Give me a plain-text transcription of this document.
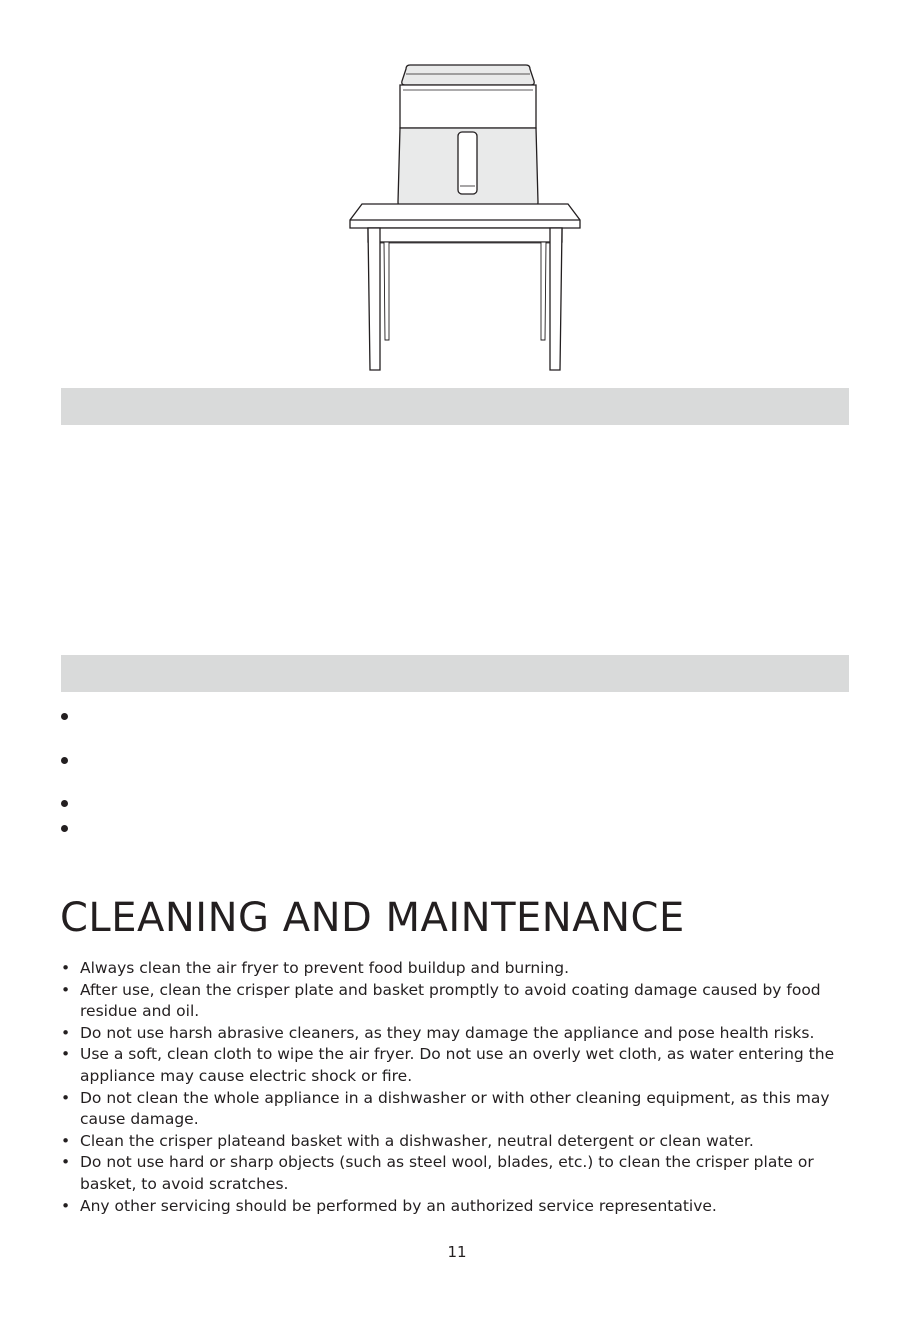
CLEANING AND MAINTENANCE
• Always clean the air fryer to prevent food buildup and burning.
• After use, clean the crisper plate and basket promptly to avoid coating damage caused by food residue and oil.
• Do not use harsh abrasive cleaners, as they may damage the appliance and pose health risks.
• Use a soft, clean cloth to wipe the air fryer. Do not use an overly wet cloth, as water entering the appliance may cause electric shock or fire.
• Do not clean the whole appliance in a dishwasher or with other cleaning equipment, as this may cause damage.
• Clean the crisper plateand basket with a dishwasher, neutral detergent or clean water.
• Do not use hard or sharp objects (such as steel wool, blades, etc.) to clean the crisper plate or basket, to avoid scratches.
• Any other servicing should be performed by an authorized service representative.
11
